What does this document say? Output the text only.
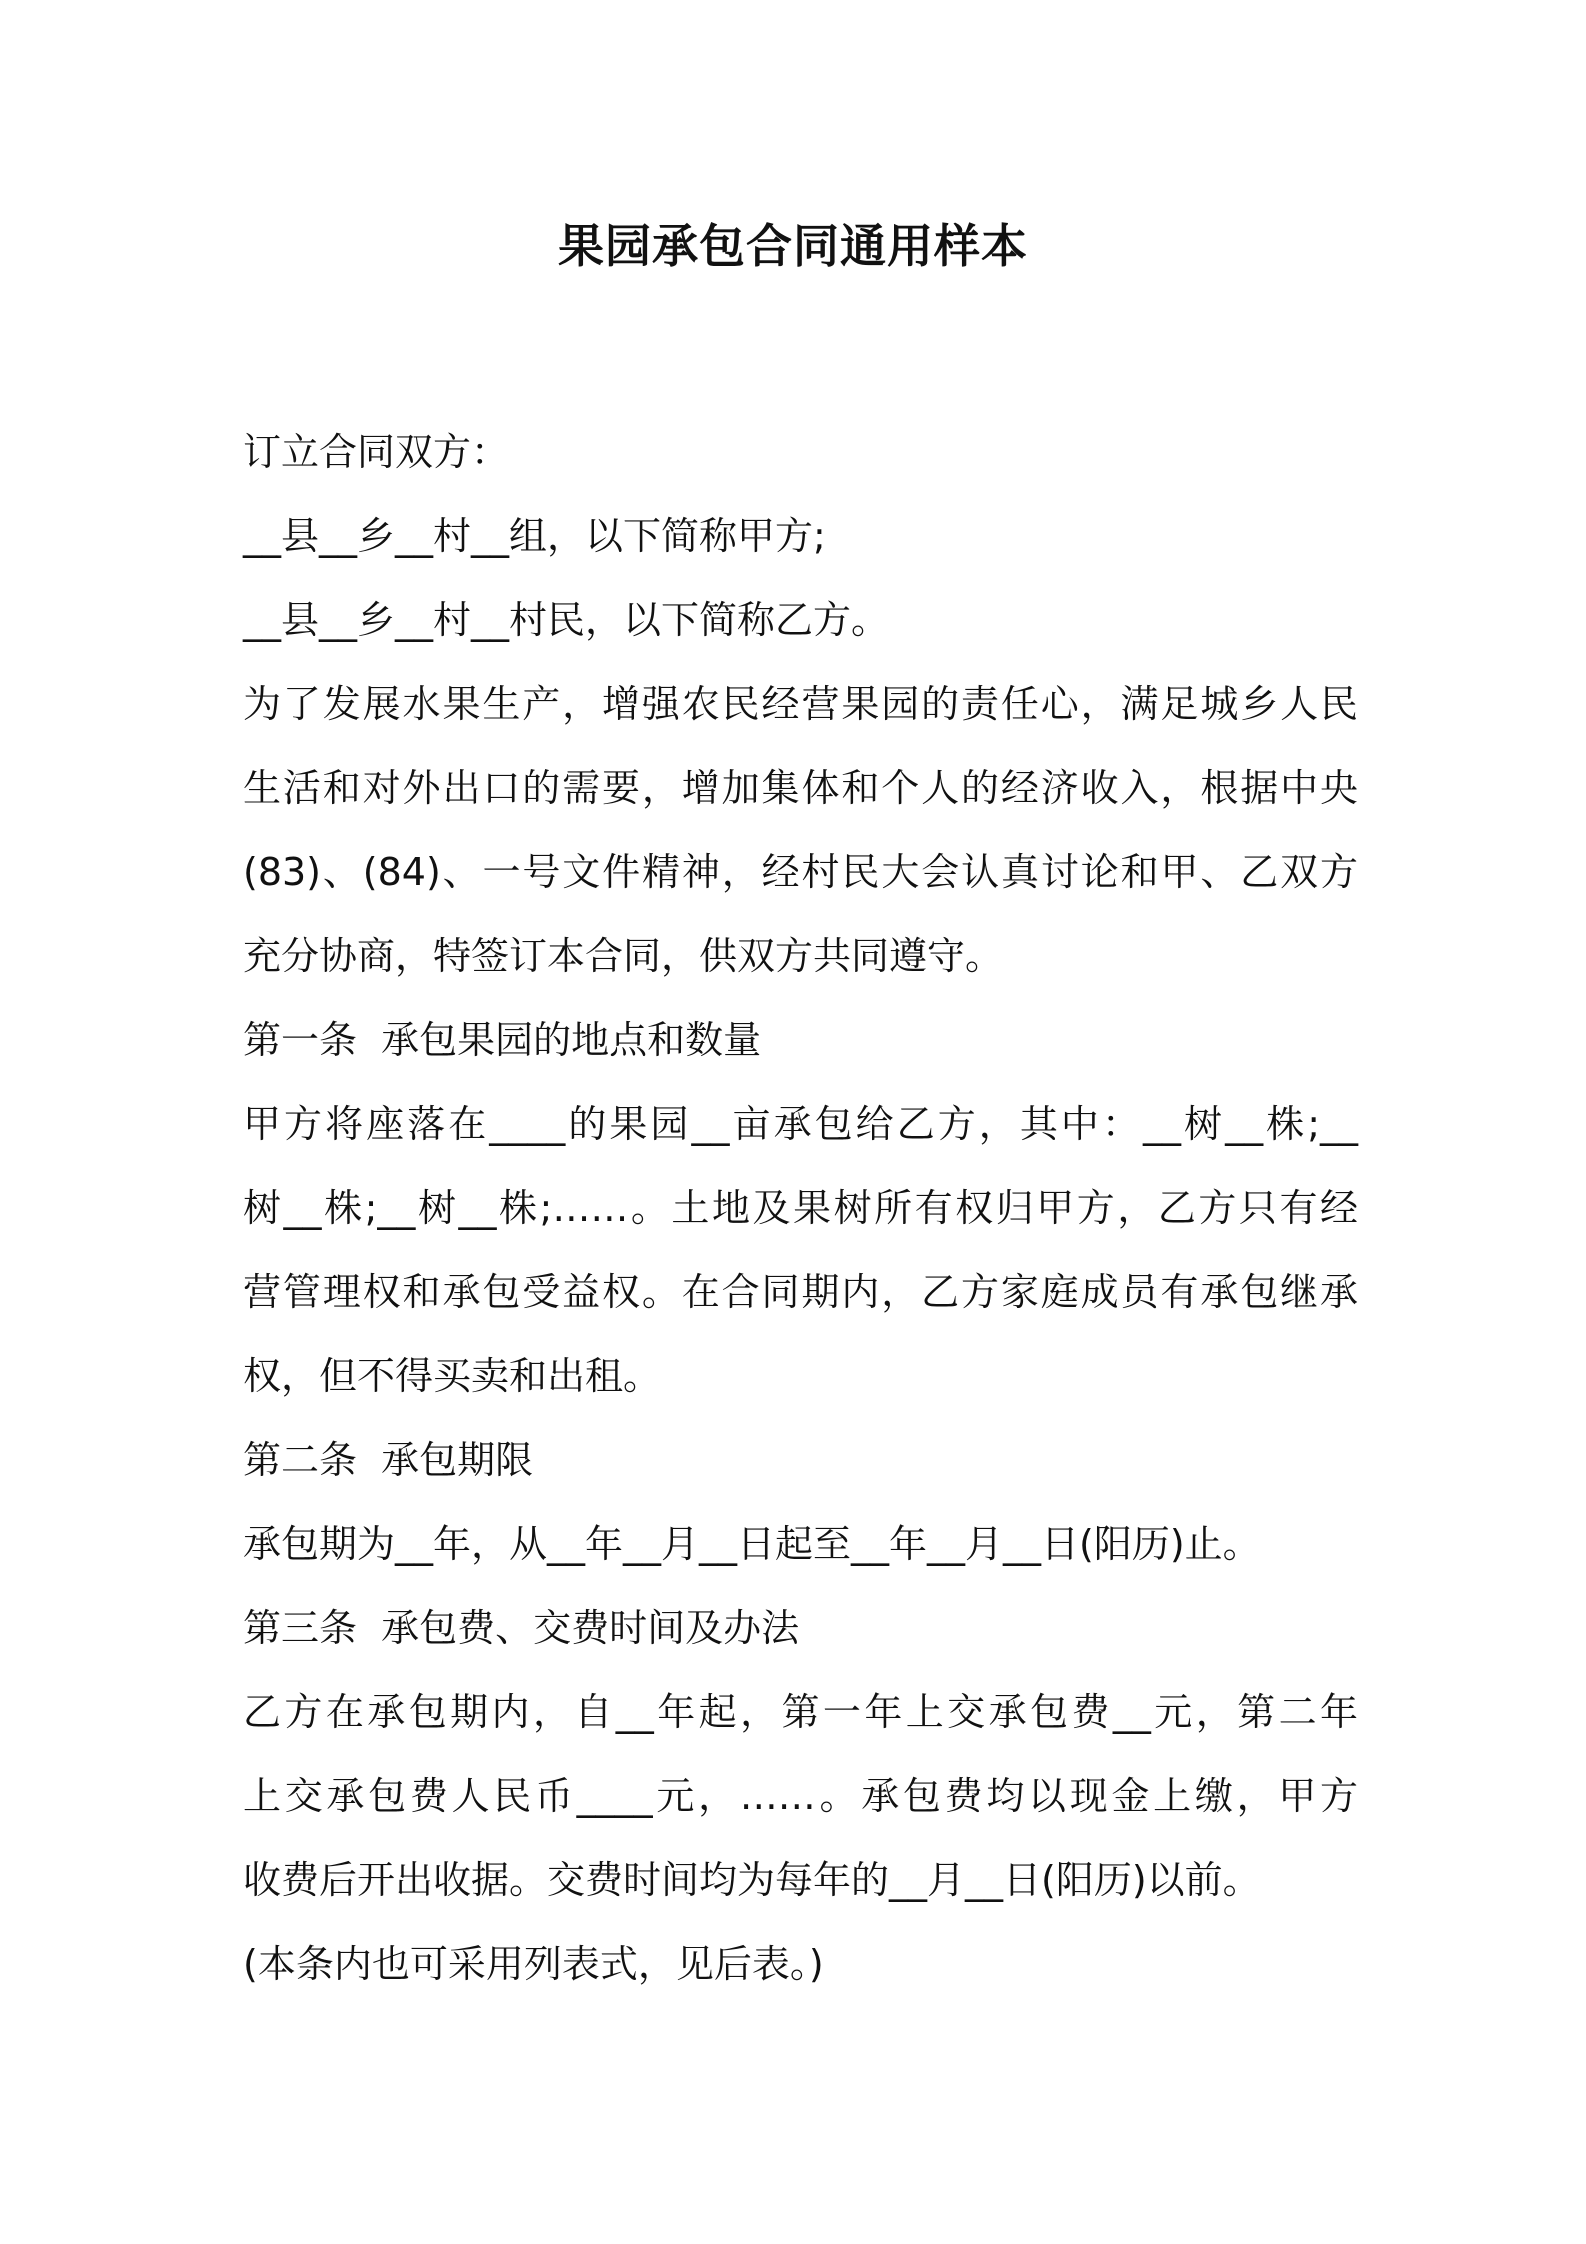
果园承包合同通用样本
订立合同双方：
__县__乡__村__组，以下简称甲方;
__县__乡__村__村民，以下简称乙方。
为了发展水果生产，增强农民经营果园的责任心，满足城乡人民
生活和对外出口的需要，增加集体和个人的经济收入，根据中央
(83)、(84)、一号文件精神，经村民大会认真讨论和甲、乙双方
充分协商，特签订本合同，供双方共同遵守。
第一条  承包果园的地点和数量
甲方将座落在____的果园__亩承包给乙方，其中：__树__株;__
树__株;__树__株;……。土地及果树所有权归甲方，乙方只有经
营管理权和承包受益权。在合同期内，乙方家庭成员有承包继承
权，但不得买卖和出租。
第二条  承包期限
承包期为__年，从__年__月__日起至__年__月__日(阳历)止。
第三条  承包费、交费时间及办法
乙方在承包期内，自__年起，第一年上交承包费__元，第二年
上交承包费人民币____元，……。承包费均以现金上缴，甲方
收费后开出收据。交费时间均为每年的__月__日(阳历)以前。
(本条内也可采用列表式，见后表。)
